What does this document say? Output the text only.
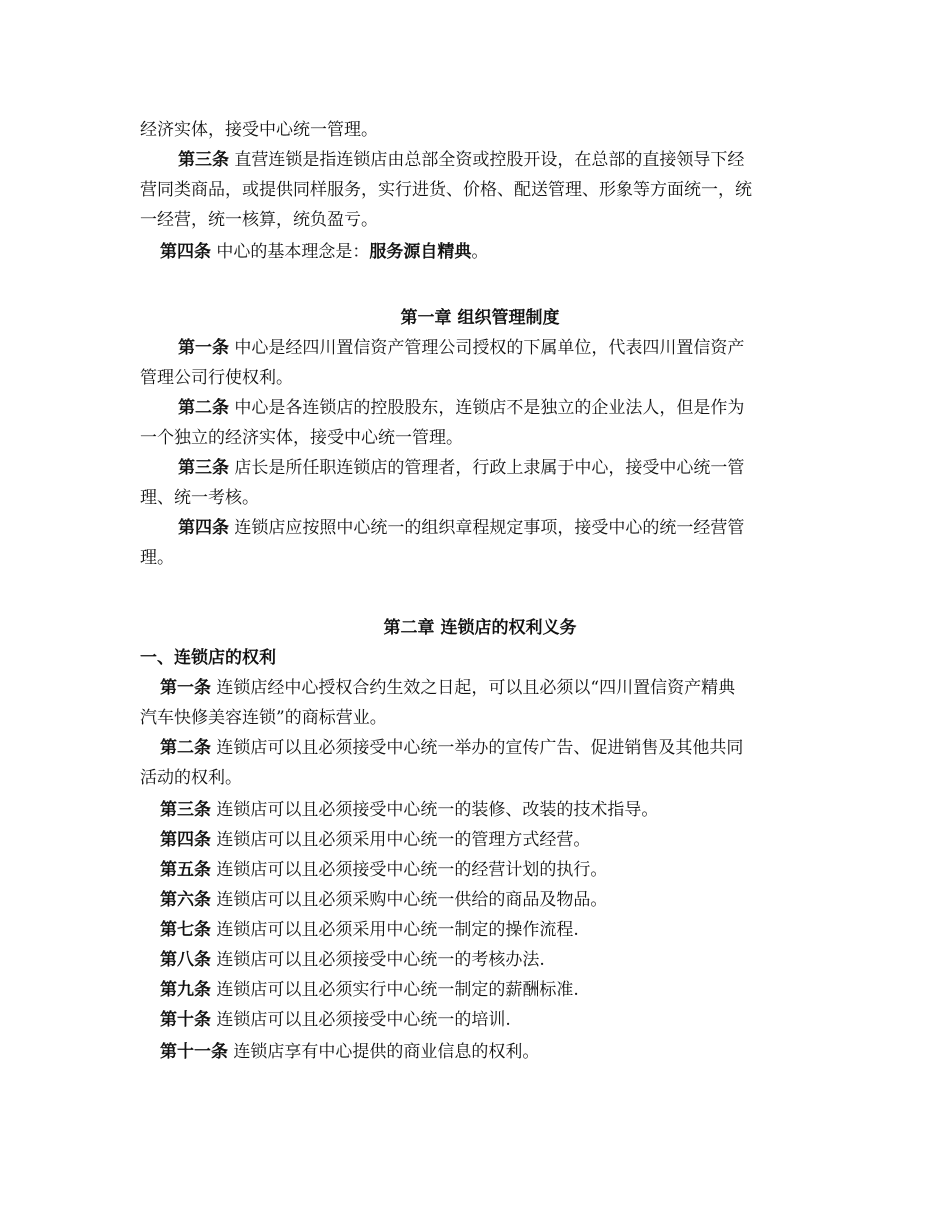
经济实体，接受中心统一管理。
第三条 直营连锁是指连锁店由总部全资或控股开设，在总部的直接领导下经
营同类商品，或提供同样服务，实行进货、价格、配送管理、形象等方面统一，统
一经营，统一核算，统负盈亏。
第四条 中心的基本理念是：服务源自精典。
第一章 组织管理制度
第一条 中心是经四川置信资产管理公司授权的下属单位，代表四川置信资产
管理公司行使权利。
第二条 中心是各连锁店的控股股东，连锁店不是独立的企业法人，但是作为
一个独立的经济实体，接受中心统一管理。
第三条 店长是所任职连锁店的管理者，行政上隶属于中心，接受中心统一管
理、统一考核。
第四条 连锁店应按照中心统一的组织章程规定事项，接受中心的统一经营管
理。
第二章 连锁店的权利义务
一、连锁店的权利
第一条 连锁店经中心授权合约生效之日起，可以且必须以“四川置信资产精典
汽车快修美容连锁”的商标营业。
第二条 连锁店可以且必须接受中心统一举办的宣传广告、促进销售及其他共同
活动的权利。
第三条 连锁店可以且必须接受中心统一的装修、改装的技术指导。
第四条 连锁店可以且必须采用中心统一的管理方式经营。
第五条 连锁店可以且必须接受中心统一的经营计划的执行。
第六条 连锁店可以且必须采购中心统一供给的商品及物品。
第七条 连锁店可以且必须采用中心统一制定的操作流程.
第八条 连锁店可以且必须接受中心统一的考核办法.
第九条 连锁店可以且必须实行中心统一制定的薪酬标准.
第十条 连锁店可以且必须接受中心统一的培训.
第十一条 连锁店享有中心提供的商业信息的权利。
